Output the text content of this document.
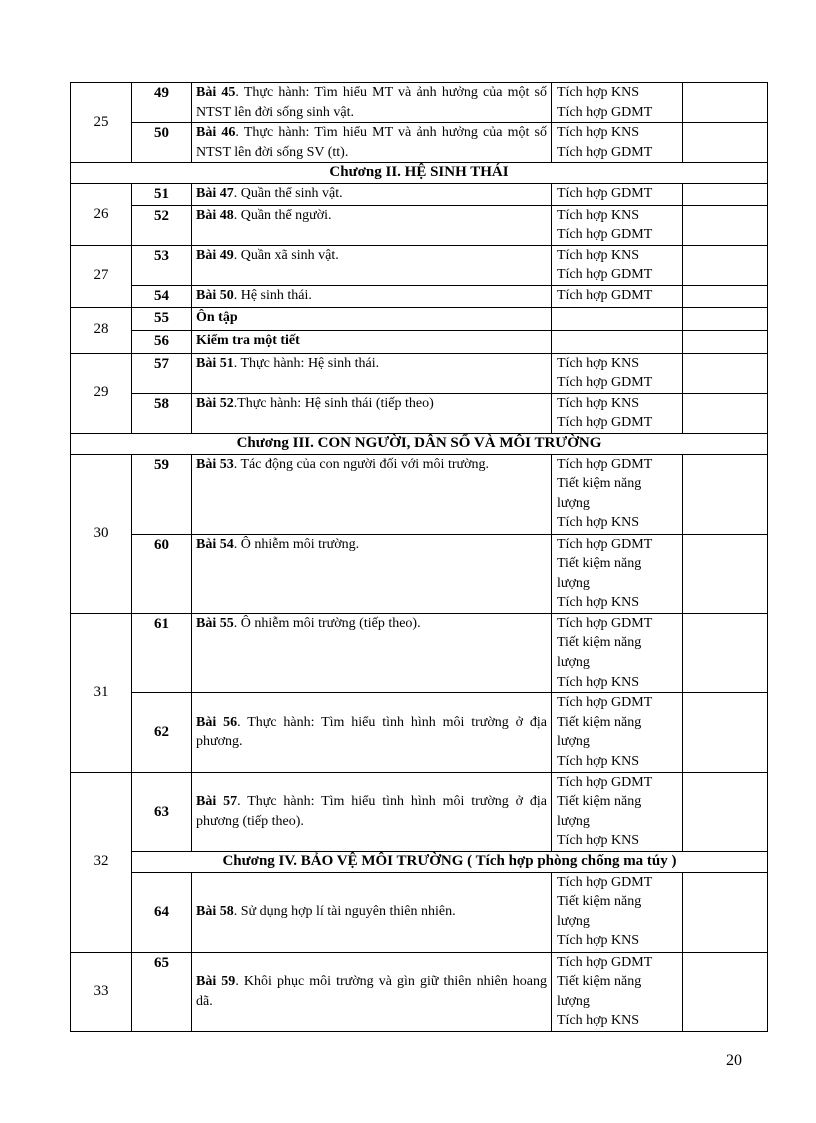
25	49	Bài 45. Thực hành: Tìm hiểu MT và ảnh hưởng của một số NTST lên đời sống sinh vật.	Tích hợp KNS
Tích hợp GDMT	

	50	Bài 46. Thực hành: Tìm hiểu MT và ảnh hưởng của một số NTST lên đời sống SV (tt).	Tích hợp KNS
Tích hợp GDMT	

Chương II. HỆ SINH THÁI				
26	51	Bài 47. Quần thể sinh vật.	Tích hợp GDMT	

	52	Bài 48. Quần thể người.	Tích hợp KNS
Tích hợp GDMT	

27	53	Bài 49. Quần xã sinh vật.	Tích hợp KNS
Tích hợp GDMT	

	54	Bài 50. Hệ sinh thái.	Tích hợp GDMT	

28	55	Ôn tập		
	56	Kiểm tra một tiết		
29	57	Bài 51. Thực hành: Hệ sinh thái.	Tích hợp KNS
Tích hợp GDMT	

	58	Bài 52.Thực hành: Hệ sinh thái (tiếp theo)	Tích hợp KNS
Tích hợp GDMT	

Chương III. CON NGƯỜI, DÂN SỐ VÀ MÔI TRƯỜNG				
30	59	Bài 53. Tác động của con người đối với môi trường.	Tích hợp GDMT
Tiết kiệm năng
lượng
Tích hợp KNS	

	60	Bài 54. Ô nhiễm môi trường.	Tích hợp GDMT
Tiết kiệm năng
lượng
Tích hợp KNS	

31	61	Bài 55. Ô nhiễm môi trường (tiếp theo).	Tích hợp GDMT
Tiết kiệm năng
lượng
Tích hợp KNS	

	62	Bài 56. Thực hành: Tìm hiểu tình hình môi trường ở địa phương.	Tích hợp GDMT
Tiết kiệm năng
lượng
Tích hợp KNS	

32	63	Bài 57. Thực hành: Tìm hiểu tình hình môi trường ở địa phương (tiếp theo).	Tích hợp GDMT
Tiết kiệm năng
lượng
Tích hợp KNS	

	Chương IV. BẢO VỆ MÔI TRƯỜNG ( Tích hợp phòng chống ma túy )			
	64	Bài 58. Sử dụng hợp lí tài nguyên thiên nhiên.	Tích hợp GDMT
Tiết kiệm năng
lượng
Tích hợp KNS	

33	65	Bài 59. Khôi phục môi trường và gìn giữ thiên nhiên hoang dã.	Tích hợp GDMT
Tiết kiệm năng
lượng
Tích hợp KNS	

20
